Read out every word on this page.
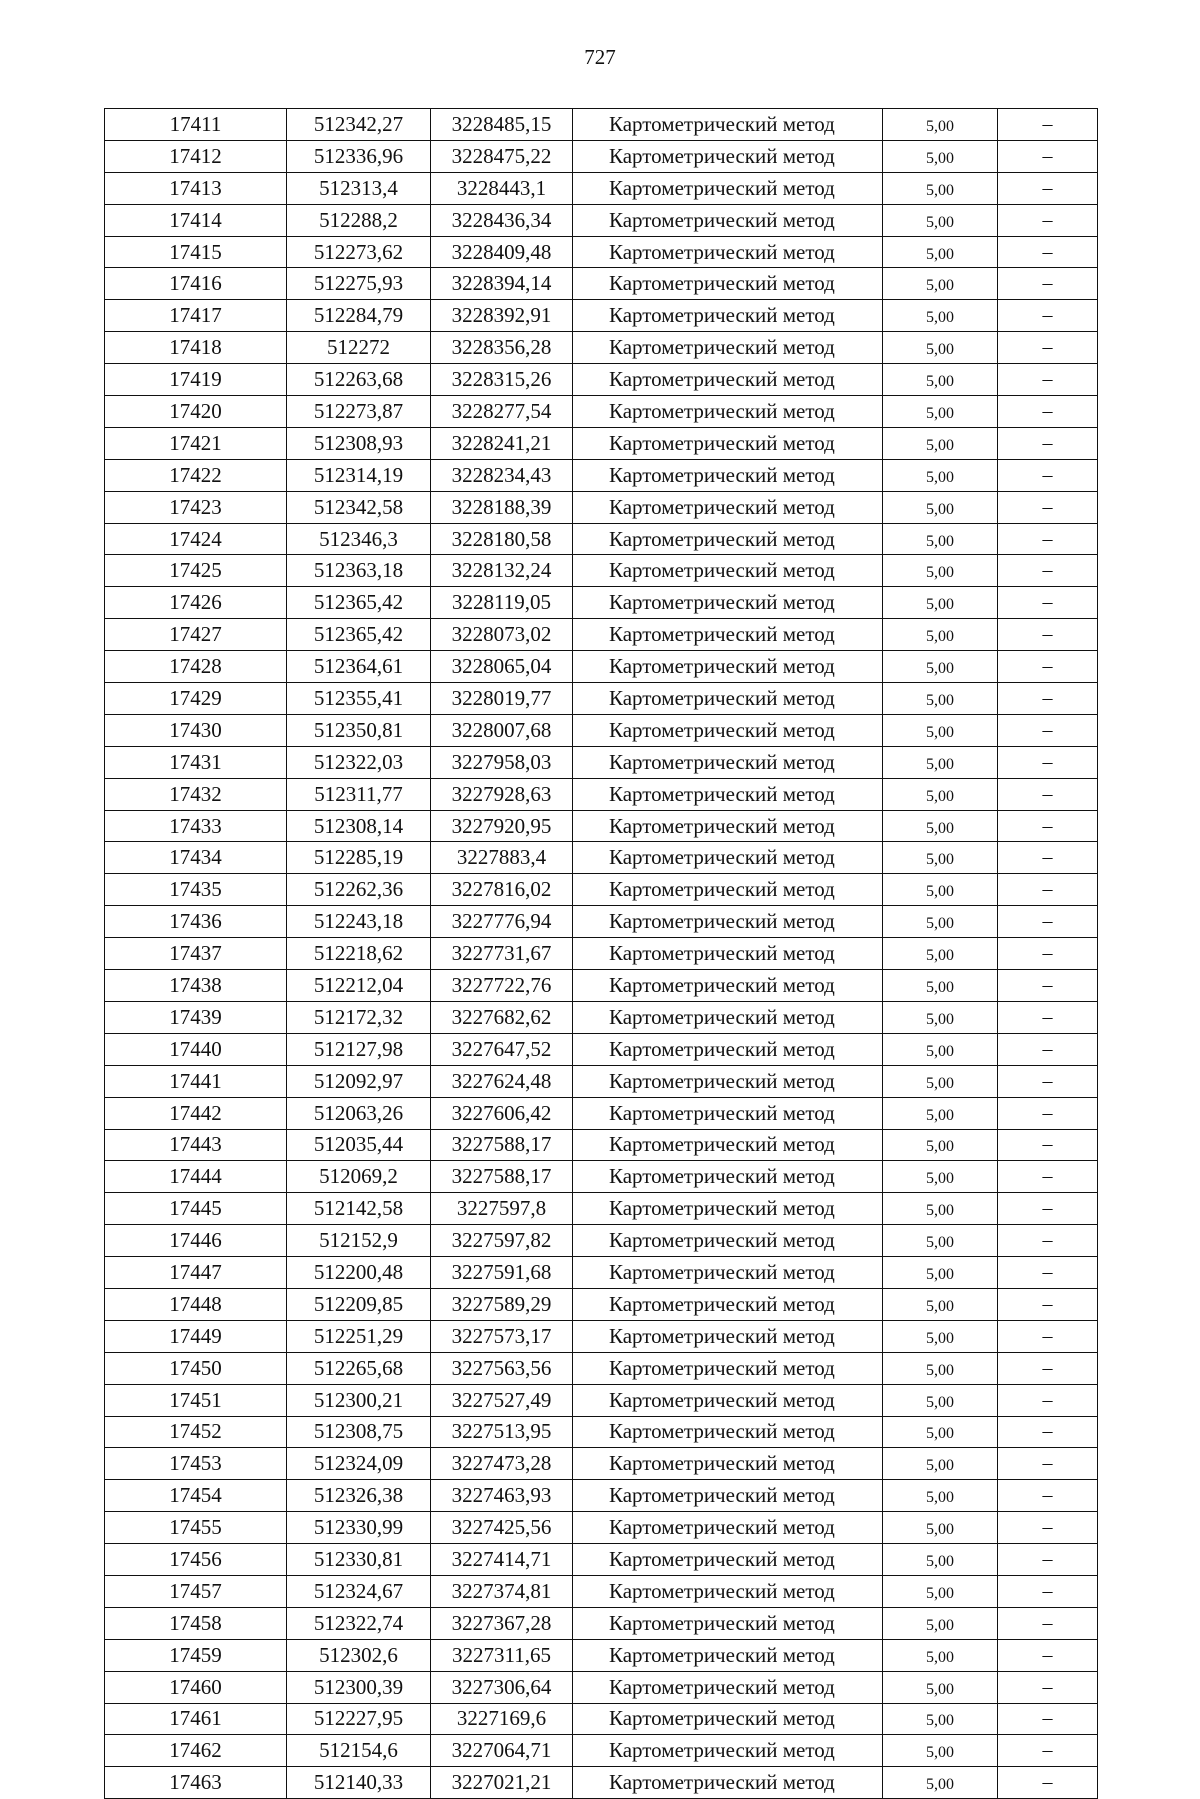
727
17411	512342,27	3228485,15	Картометрический метод	5,00	–
17412	512336,96	3228475,22	Картометрический метод	5,00	–
17413	512313,4	3228443,1	Картометрический метод	5,00	–
17414	512288,2	3228436,34	Картометрический метод	5,00	–
17415	512273,62	3228409,48	Картометрический метод	5,00	–
17416	512275,93	3228394,14	Картометрический метод	5,00	–
17417	512284,79	3228392,91	Картометрический метод	5,00	–
17418	512272	3228356,28	Картометрический метод	5,00	–
17419	512263,68	3228315,26	Картометрический метод	5,00	–
17420	512273,87	3228277,54	Картометрический метод	5,00	–
17421	512308,93	3228241,21	Картометрический метод	5,00	–
17422	512314,19	3228234,43	Картометрический метод	5,00	–
17423	512342,58	3228188,39	Картометрический метод	5,00	–
17424	512346,3	3228180,58	Картометрический метод	5,00	–
17425	512363,18	3228132,24	Картометрический метод	5,00	–
17426	512365,42	3228119,05	Картометрический метод	5,00	–
17427	512365,42	3228073,02	Картометрический метод	5,00	–
17428	512364,61	3228065,04	Картометрический метод	5,00	–
17429	512355,41	3228019,77	Картометрический метод	5,00	–
17430	512350,81	3228007,68	Картометрический метод	5,00	–
17431	512322,03	3227958,03	Картометрический метод	5,00	–
17432	512311,77	3227928,63	Картометрический метод	5,00	–
17433	512308,14	3227920,95	Картометрический метод	5,00	–
17434	512285,19	3227883,4	Картометрический метод	5,00	–
17435	512262,36	3227816,02	Картометрический метод	5,00	–
17436	512243,18	3227776,94	Картометрический метод	5,00	–
17437	512218,62	3227731,67	Картометрический метод	5,00	–
17438	512212,04	3227722,76	Картометрический метод	5,00	–
17439	512172,32	3227682,62	Картометрический метод	5,00	–
17440	512127,98	3227647,52	Картометрический метод	5,00	–
17441	512092,97	3227624,48	Картометрический метод	5,00	–
17442	512063,26	3227606,42	Картометрический метод	5,00	–
17443	512035,44	3227588,17	Картометрический метод	5,00	–
17444	512069,2	3227588,17	Картометрический метод	5,00	–
17445	512142,58	3227597,8	Картометрический метод	5,00	–
17446	512152,9	3227597,82	Картометрический метод	5,00	–
17447	512200,48	3227591,68	Картометрический метод	5,00	–
17448	512209,85	3227589,29	Картометрический метод	5,00	–
17449	512251,29	3227573,17	Картометрический метод	5,00	–
17450	512265,68	3227563,56	Картометрический метод	5,00	–
17451	512300,21	3227527,49	Картометрический метод	5,00	–
17452	512308,75	3227513,95	Картометрический метод	5,00	–
17453	512324,09	3227473,28	Картометрический метод	5,00	–
17454	512326,38	3227463,93	Картометрический метод	5,00	–
17455	512330,99	3227425,56	Картометрический метод	5,00	–
17456	512330,81	3227414,71	Картометрический метод	5,00	–
17457	512324,67	3227374,81	Картометрический метод	5,00	–
17458	512322,74	3227367,28	Картометрический метод	5,00	–
17459	512302,6	3227311,65	Картометрический метод	5,00	–
17460	512300,39	3227306,64	Картометрический метод	5,00	–
17461	512227,95	3227169,6	Картометрический метод	5,00	–
17462	512154,6	3227064,71	Картометрический метод	5,00	–
17463	512140,33	3227021,21	Картометрический метод	5,00	–
